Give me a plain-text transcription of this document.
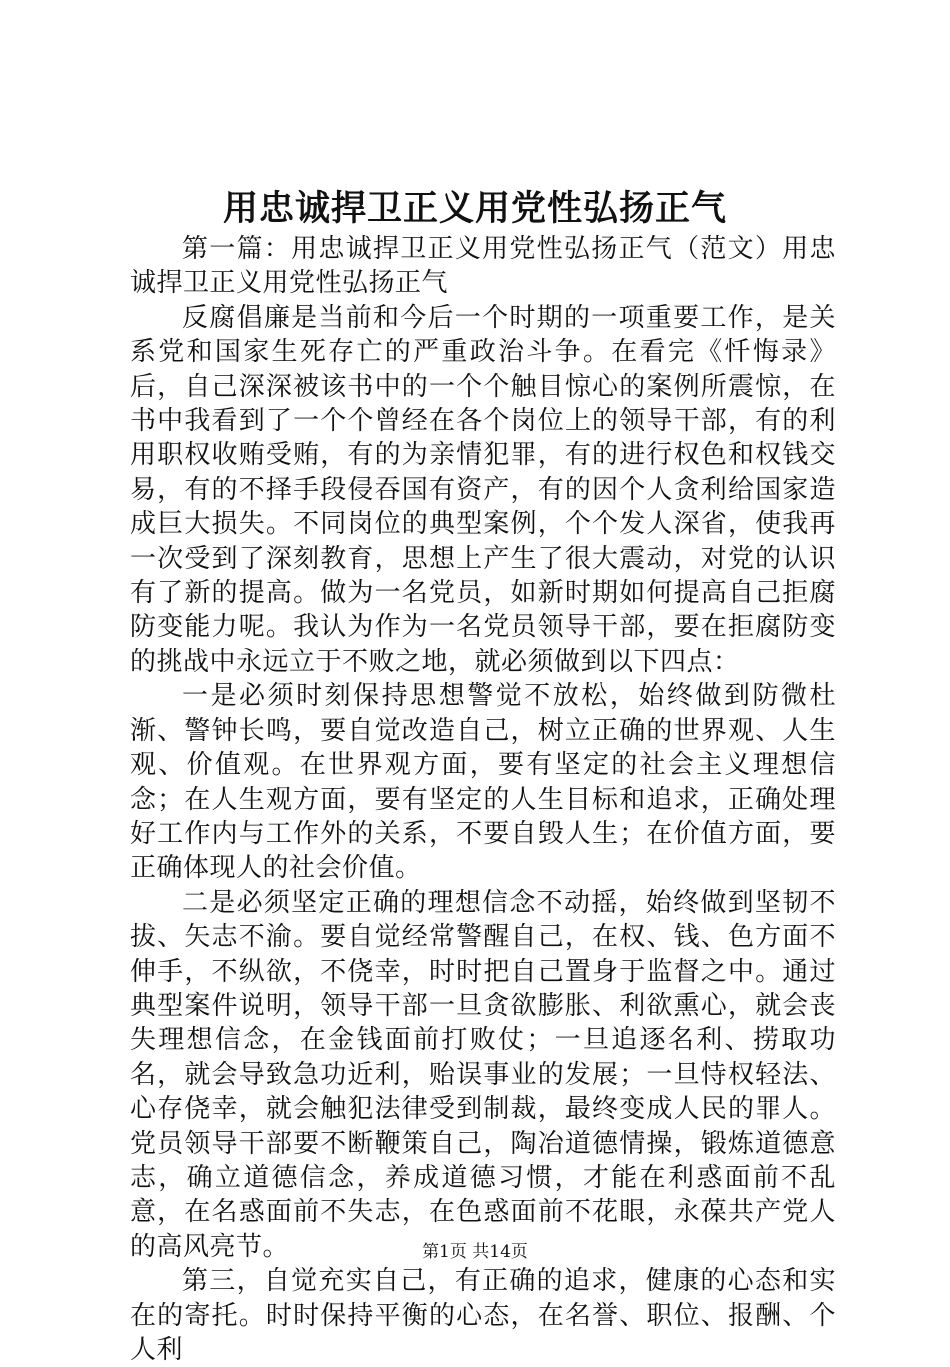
用忠诚捍卫正义用党性弘扬正气

第一篇：用忠诚捍卫正义用党性弘扬正气（范文）用忠诚捍卫正义用党性弘扬正气

反腐倡廉是当前和今后一个时期的一项重要工作，是关系党和国家生死存亡的严重政治斗争。在看完《忏悔录》后，自己深深被该书中的一个个触目惊心的案例所震惊，在书中我看到了一个个曾经在各个岗位上的领导干部，有的利用职权收贿受贿，有的为亲情犯罪，有的进行权色和权钱交易，有的不择手段侵吞国有资产，有的因个人贪利给国家造成巨大损失。不同岗位的典型案例，个个发人深省，使我再一次受到了深刻教育，思想上产生了很大震动，对党的认识有了新的提高。做为一名党员，如新时期如何提高自己拒腐防变能力呢。我认为作为一名党员领导干部，要在拒腐防变的挑战中永远立于不败之地，就必须做到以下四点：

一是必须时刻保持思想警觉不放松，始终做到防微杜渐、警钟长鸣，要自觉改造自己，树立正确的世界观、人生观、价值观。在世界观方面，要有坚定的社会主义理想信念；在人生观方面，要有坚定的人生目标和追求，正确处理好工作内与工作外的关系，不要自毁人生；在价值方面，要正确体现人的社会价值。

二是必须坚定正确的理想信念不动摇，始终做到坚韧不拔、矢志不渝。要自觉经常警醒自己，在权、钱、色方面不伸手，不纵欲，不侥幸，时时把自己置身于监督之中。通过典型案件说明，领导干部一旦贪欲膨胀、利欲熏心，就会丧失理想信念，在金钱面前打败仗；一旦追逐名利、捞取功名，就会导致急功近利，贻误事业的发展；一旦恃权轻法、心存侥幸，就会触犯法律受到制裁，最终变成人民的罪人。党员领导干部要不断鞭策自己，陶冶道德情操，锻炼道德意志，确立道德信念，养成道德习惯，才能在利惑面前不乱意，在名惑面前不失志，在色惑面前不花眼，永葆共产党人的高风亮节。

第三，自觉充实自己，有正确的追求，健康的心态和实在的寄托。时时保持平衡的心态，在名誉、职位、报酬、个人利

第1页 共14页
